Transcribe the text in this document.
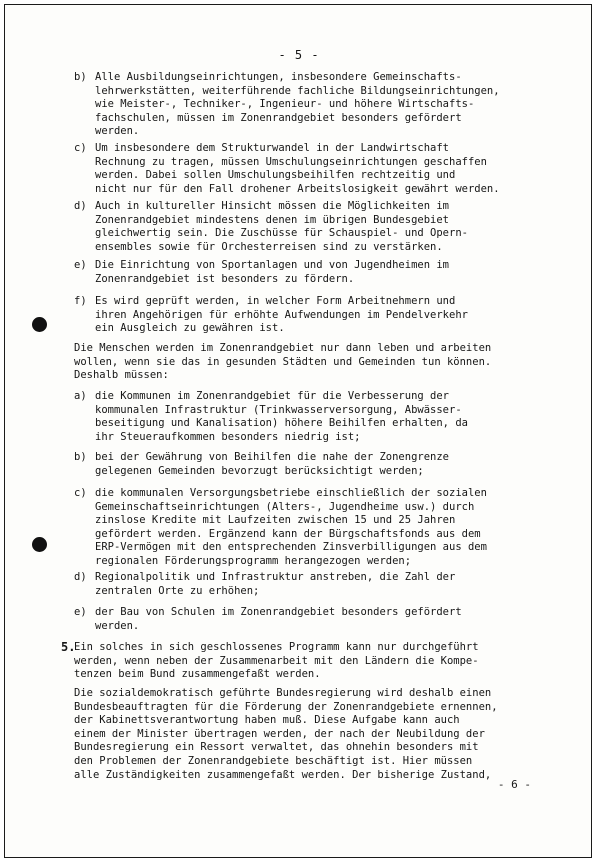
- 5 -
b) Alle Ausbildungseinrichtungen, insbesondere Gemeinschafts-
lehrwerkstätten, weiterführende fachliche Bildungseinrichtungen,
wie Meister-, Techniker-, Ingenieur- und höhere Wirtschafts-
fachschulen, müssen im Zonenrandgebiet besonders gefördert
werden.
c) Um insbesondere dem Strukturwandel in der Landwirtschaft
Rechnung zu tragen, müssen Umschulungseinrichtungen geschaffen
werden. Dabei sollen Umschulungsbeihilfen rechtzeitig und
nicht nur für den Fall drohener Arbeitslosigkeit gewährt werden.
d) Auch in kultureller Hinsicht mössen die Möglichkeiten im
Zonenrandgebiet mindestens denen im übrigen Bundesgebiet
gleichwertig sein. Die Zuschüsse für Schauspiel- und Opern-
ensembles sowie für Orchesterreisen sind zu verstärken.
e) Die Einrichtung von Sportanlagen und von Jugendheimen im
Zonenrandgebiet ist besonders zu fördern.
f) Es wird geprüft werden, in welcher Form Arbeitnehmern und
ihren Angehörigen für erhöhte Aufwendungen im Pendelverkehr
ein Ausgleich zu gewähren ist.
Die Menschen werden im Zonenrandgebiet nur dann leben und arbeiten
wollen, wenn sie das in gesunden Städten und Gemeinden tun können.
Deshalb müssen:
a) die Kommunen im Zonenrandgebiet für die Verbesserung der
kommunalen Infrastruktur (Trinkwasserversorgung, Abwässer-
beseitigung und Kanalisation) höhere Beihilfen erhalten, da
ihr Steueraufkommen besonders niedrig ist;
b) bei der Gewährung von Beihilfen die nahe der Zonengrenze
gelegenen Gemeinden bevorzugt berücksichtigt werden;
c) die kommunalen Versorgungsbetriebe einschließlich der sozialen
Gemeinschaftseinrichtungen (Alters-, Jugendheime usw.) durch
zinslose Kredite mit Laufzeiten zwischen 15 und 25 Jahren
gefördert werden. Ergänzend kann der Bürgschaftsfonds aus dem
ERP-Vermögen mit den entsprechenden Zinsverbilligungen aus dem
regionalen Förderungsprogramm herangezogen werden;
d) Regionalpolitik und Infrastruktur anstreben, die Zahl der
zentralen Orte zu erhöhen;
e) der Bau von Schulen im Zonenrandgebiet besonders gefördert
werden.
5.
Ein solches in sich geschlossenes Programm kann nur durchgeführt
werden, wenn neben der Zusammenarbeit mit den Ländern die Kompe-
tenzen beim Bund zusammengefaßt werden.
Die sozialdemokratisch geführte Bundesregierung wird deshalb einen
Bundesbeauftragten für die Förderung der Zonenrandgebiete ernennen,
der Kabinettsverantwortung haben muß. Diese Aufgabe kann auch
einem der Minister übertragen werden, der nach der Neubildung der
Bundesregierung ein Ressort verwaltet, das ohnehin besonders mit
den Problemen der Zonenrandgebiete beschäftigt ist. Hier müssen
alle Zuständigkeiten zusammengefaßt werden. Der bisherige Zustand,
- 6 -
